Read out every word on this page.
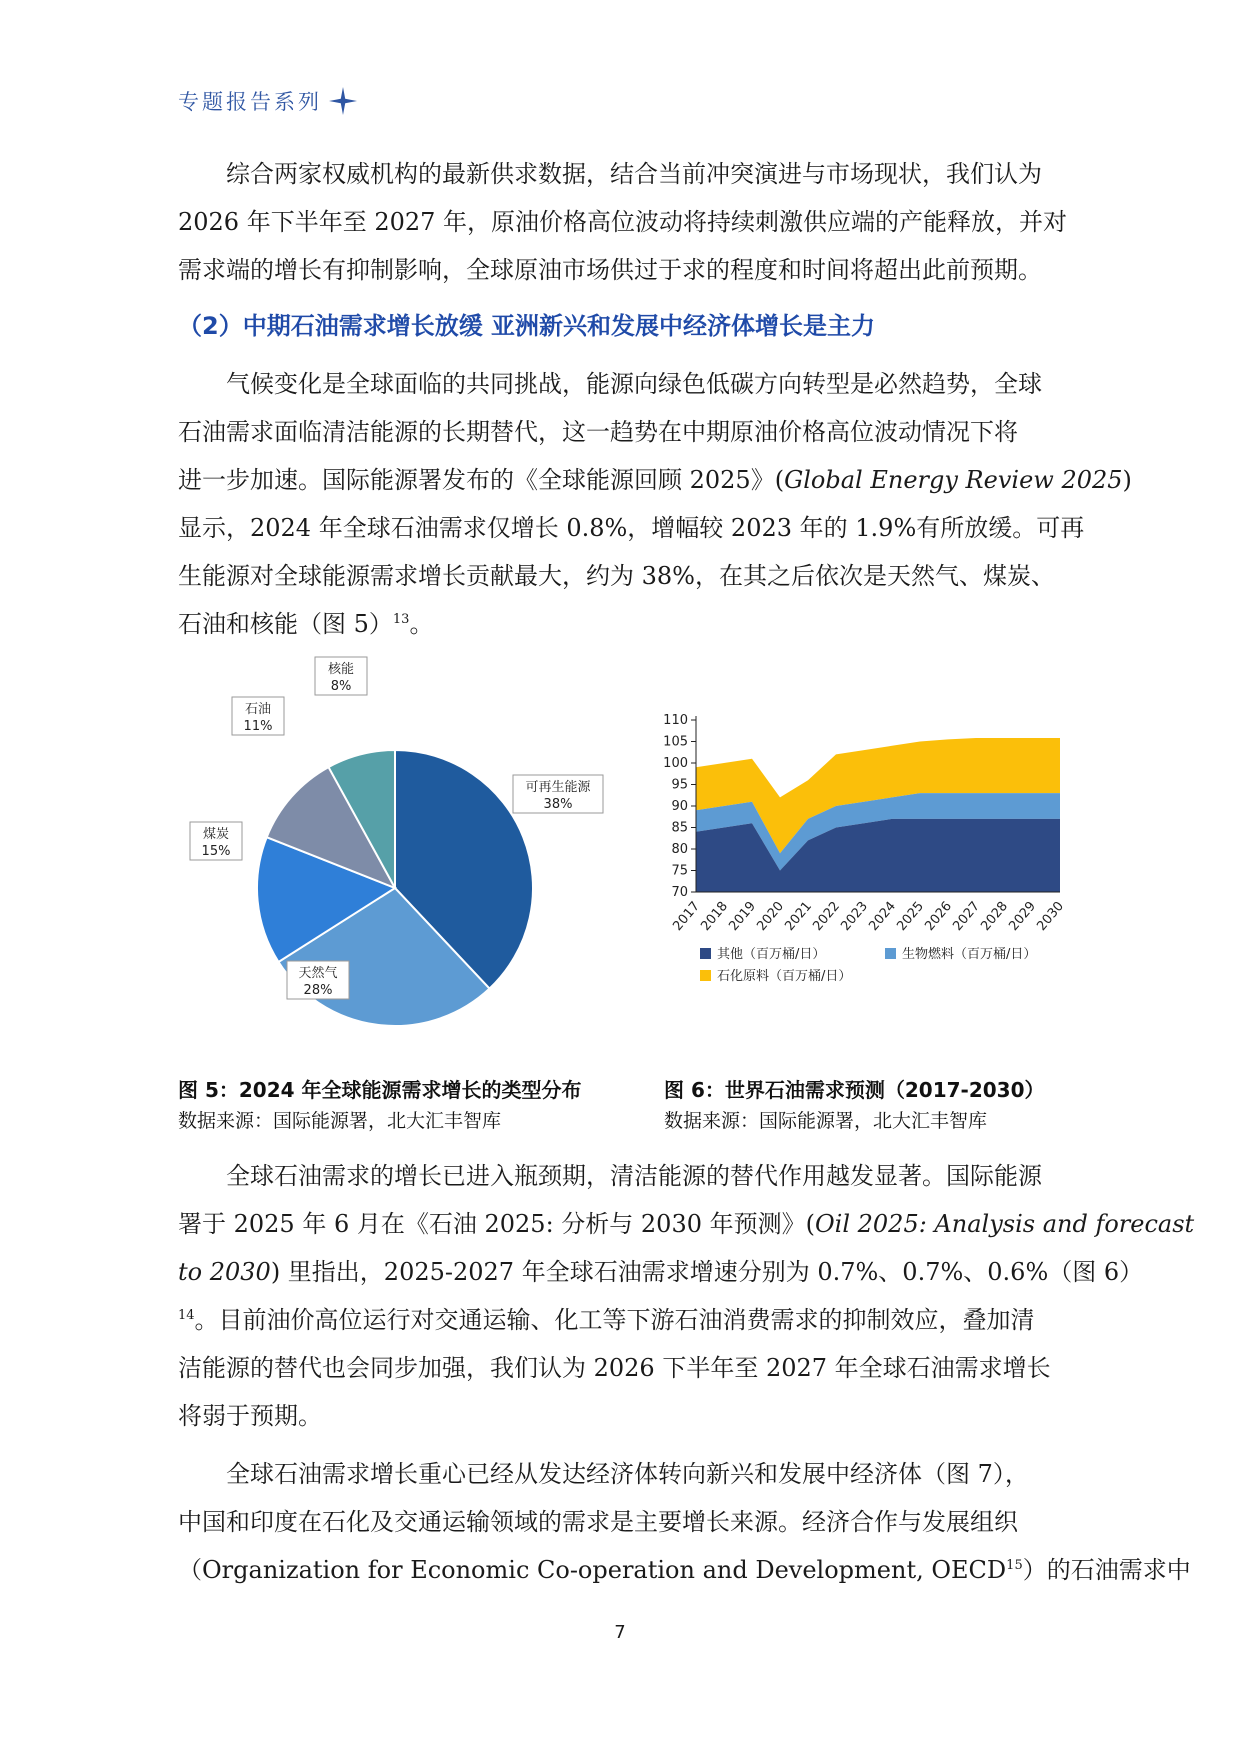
专题报告系列
综合两家权威机构的最新供求数据，结合当前冲突演进与市场现状，我们认为
2026 年下半年至 2027 年，原油价格高位波动将持续刺激供应端的产能释放，并对
需求端的增长有抑制影响，全球原油市场供过于求的程度和时间将超出此前预期。
（2）中期石油需求增长放缓 亚洲新兴和发展中经济体增长是主力
气候变化是全球面临的共同挑战，能源向绿色低碳方向转型是必然趋势，全球
石油需求面临清洁能源的长期替代，这一趋势在中期原油价格高位波动情况下将
进一步加速。国际能源署发布的《全球能源回顾 2025》(Global Energy Review 2025)
显示，2024 年全球石油需求仅增长 0.8%，增幅较 2023 年的 1.9%有所放缓。可再
生能源对全球能源需求增长贡献最大，约为 38%，在其之后依次是天然气、煤炭、
石油和核能（图 5）$^{13}$。
可再生能源
38%
天然气
28%
煤炭
15%
石油
11%
核能
8%
70
75
80
85
90
95
100
105
110
2017
2018
2019
2020
2021
2022
2023
2024
2025
2026
2027
2028
2029
2030
其他（百万桶/日）	生物燃料（百万桶/日）
石化原料（百万桶/日）
图 5：2024 年全球能源需求增长的类型分布
数据来源：国际能源署，北大汇丰智库
图 6：世界石油需求预测（2017-2030）
数据来源：国际能源署，北大汇丰智库
全球石油需求的增长已进入瓶颈期，清洁能源的替代作用越发显著。国际能源
署于 2025 年 6 月在《石油 2025: 分析与 2030 年预测》(Oil 2025: Analysis and forecast
to 2030) 里指出，2025-2027 年全球石油需求增速分别为 0.7%、0.7%、0.6%（图 6）
$^{14}$。目前油价高位运行对交通运输、化工等下游石油消费需求的抑制效应，叠加清
洁能源的替代也会同步加强，我们认为 2026 下半年至 2027 年全球石油需求增长
将弱于预期。
全球石油需求增长重心已经从发达经济体转向新兴和发展中经济体（图 7），
中国和印度在石化及交通运输领域的需求是主要增长来源。经济合作与发展组织
（Organization for Economic Co-operation and Development, OECD$^{15}$）的石油需求中
7
